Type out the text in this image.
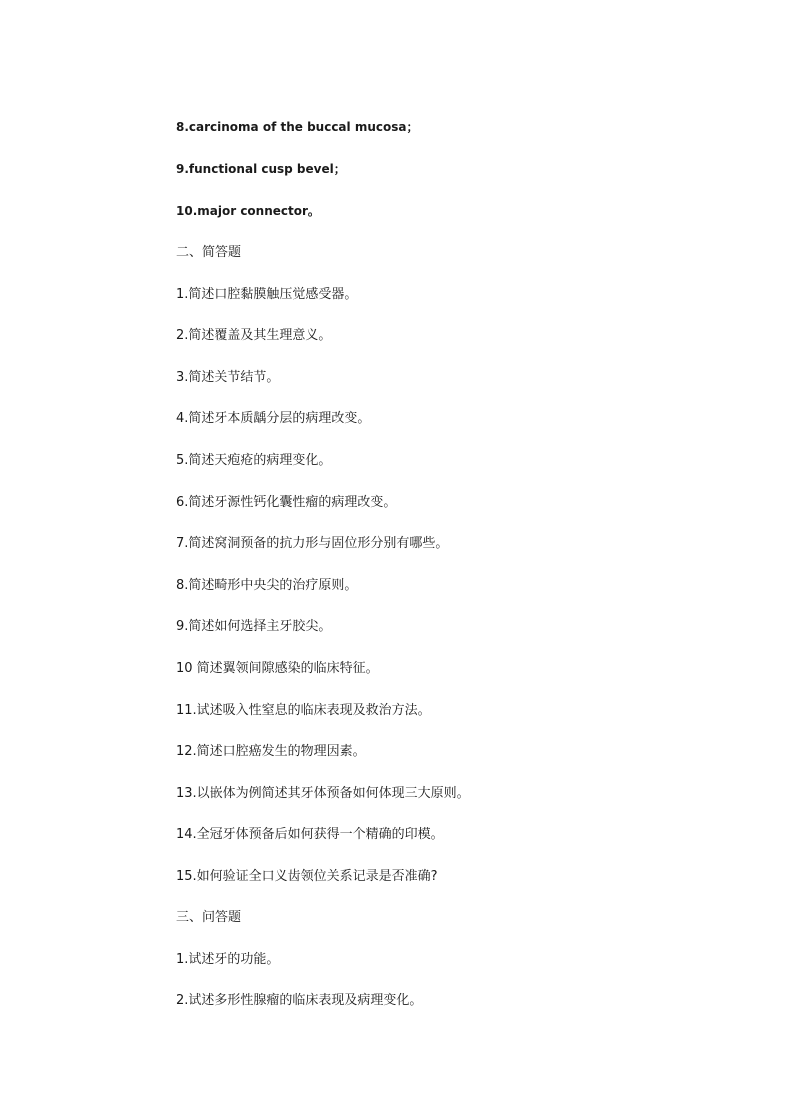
8.carcinoma of the buccal mucosa；
9.functional cusp bevel；
10.major connector。
二、简答题
1.简述口腔黏膜触压觉感受器。
2.简述覆盖及其生理意义。
3.简述关节结节。
4.简述牙本质龋分层的病理改变。
5.简述天疱疮的病理变化。
6.简述牙源性钙化囊性瘤的病理改变。
7.简述窝洞预备的抗力形与固位形分别有哪些。
8.简述畸形中央尖的治疗原则。
9.简述如何选择主牙胶尖。
10 简述翼领间隙感染的临床特征。
11.试述吸入性窒息的临床表现及救治方法。
12.简述口腔癌发生的物理因素。
13.以嵌体为例简述其牙体预备如何体现三大原则。
14.全冠牙体预备后如何获得一个精确的印模。
15.如何验证全口义齿领位关系记录是否准确?
三、问答题
1.试述牙的功能。
2.试述多形性腺瘤的临床表现及病理变化。
